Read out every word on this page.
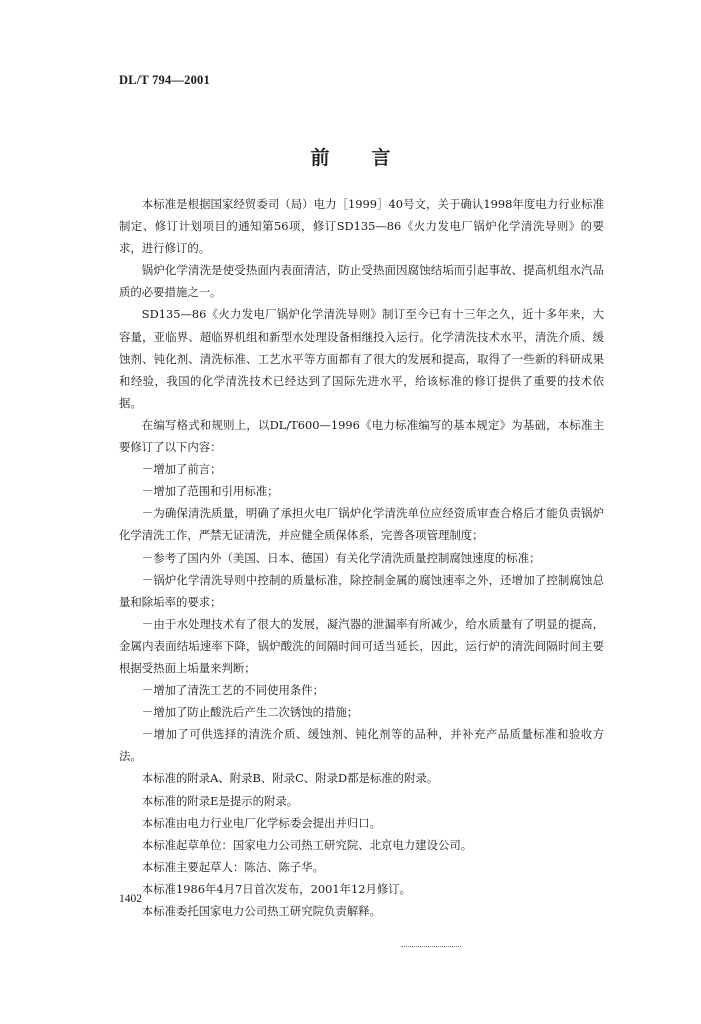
DL/T 794—2001
前言

本标准是根据国家经贸委司（局）电力［1999］40号文，关于确认1998年度电力行业标准制定、修订计划项目的通知第56项，修订SD135—86《火力发电厂锅炉化学清洗导则》的要求，进行修订的。

锅炉化学清洗是使受热面内表面清洁，防止受热面因腐蚀结垢而引起事故、提高机组水汽品质的必要措施之一。

SD135—86《火力发电厂锅炉化学清洗导则》制订至今已有十三年之久，近十多年来，大容量，亚临界、超临界机组和新型水处理设备相继投入运行。化学清洗技术水平，清洗介质、缓蚀剂、钝化剂、清洗标准、工艺水平等方面都有了很大的发展和提高，取得了一些新的科研成果和经验，我国的化学清洗技术已经达到了国际先进水平，给该标准的修订提供了重要的技术依据。

在编写格式和规则上，以DL/T600—1996《电力标准编写的基本规定》为基础，本标准主要修订了以下内容：

－增加了前言；

－增加了范围和引用标准；

－为确保清洗质量，明确了承担火电厂锅炉化学清洗单位应经资质审查合格后才能负责锅炉化学清洗工作，严禁无证清洗，并应健全质保体系，完善各项管理制度；

－参考了国内外（美国、日本、德国）有关化学清洗质量控制腐蚀速度的标准；

－锅炉化学清洗导则中控制的质量标准，除控制金属的腐蚀速率之外，还增加了控制腐蚀总量和除垢率的要求；

－由于水处理技术有了很大的发展，凝汽器的泄漏率有所减少，给水质量有了明显的提高，金属内表面结垢速率下降，锅炉酸洗的间隔时间可适当延长，因此，运行炉的清洗间隔时间主要根据受热面上垢量来判断；

－增加了清洗工艺的不同使用条件；

－增加了防止酸洗后产生二次锈蚀的措施；

－增加了可供选择的清洗介质、缓蚀剂、钝化剂等的品种，并补充产品质量标准和验收方法。

本标准的附录A、附录B、附录C、附录D都是标准的附录。

本标准的附录E是提示的附录。

本标准由电力行业电厂化学标委会提出并归口。

本标准起草单位：国家电力公司热工研究院、北京电力建设公司。

本标准主要起草人：陈洁、陈子华。

本标准1986年4月7日首次发布，2001年12月修订。

本标准委托国家电力公司热工研究院负责解释。

1402
